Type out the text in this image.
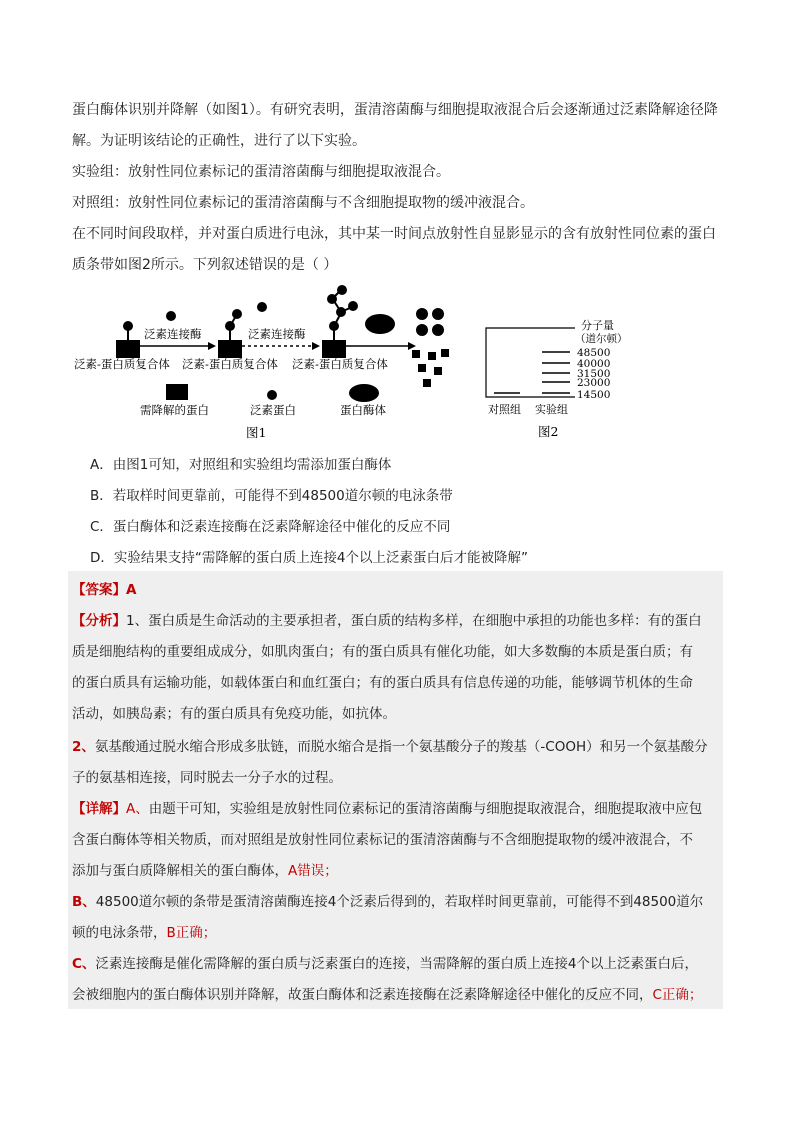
蛋白酶体识别并降解（如图1）。有研究表明，蛋清溶菌酶与细胞提取液混合后会逐渐通过泛素降解途径降
解。为证明该结论的正确性，进行了以下实验。
实验组：放射性同位素标记的蛋清溶菌酶与细胞提取液混合。
对照组：放射性同位素标记的蛋清溶菌酶与不含细胞提取物的缓冲液混合。
在不同时间段取样，并对蛋白质进行电泳，其中某一时间点放射性自显影显示的含有放射性同位素的蛋白
质条带如图2所示。下列叙述错误的是（ ）
泛素连接酶	泛素连接酶
泛素-蛋白质复合体 泛素-蛋白质复合体 泛素-蛋白质复合体
需降解的蛋白	泛素蛋白	蛋白酶体
图1
分子量
（道尔顿）
48500
40000
31500
23000
14500
对照组 实验组
图2
A．由图1可知，对照组和实验组均需添加蛋白酶体
B．若取样时间更靠前，可能得不到48500道尔顿的电泳条带
C．蛋白酶体和泛素连接酶在泛素降解途径中催化的反应不同
D．实验结果支持“需降解的蛋白质上连接4个以上泛素蛋白后才能被降解”
【答案】A
【分析】1、蛋白质是生命活动的主要承担者，蛋白质的结构多样，在细胞中承担的功能也多样：有的蛋白
质是细胞结构的重要组成成分，如肌肉蛋白；有的蛋白质具有催化功能，如大多数酶的本质是蛋白质；有
的蛋白质具有运输功能，如载体蛋白和血红蛋白；有的蛋白质具有信息传递的功能，能够调节机体的生命
活动，如胰岛素；有的蛋白质具有免疫功能，如抗体。
2、氨基酸通过脱水缩合形成多肽链，而脱水缩合是指一个氨基酸分子的羧基（-COOH）和另一个氨基酸分
子的氨基相连接，同时脱去一分子水的过程。
【详解】A、由题干可知，实验组是放射性同位素标记的蛋清溶菌酶与细胞提取液混合，细胞提取液中应包
含蛋白酶体等相关物质，而对照组是放射性同位素标记的蛋清溶菌酶与不含细胞提取物的缓冲液混合，不
添加与蛋白质降解相关的蛋白酶体，A错误；
B、48500道尔顿的条带是蛋清溶菌酶连接4个泛素后得到的，若取样时间更靠前，可能得不到48500道尔
顿的电泳条带，B正确；
C、泛素连接酶是催化需降解的蛋白质与泛素蛋白的连接，当需降解的蛋白质上连接4个以上泛素蛋白后，
会被细胞内的蛋白酶体识别并降解，故蛋白酶体和泛素连接酶在泛素降解途径中催化的反应不同，C正确；
